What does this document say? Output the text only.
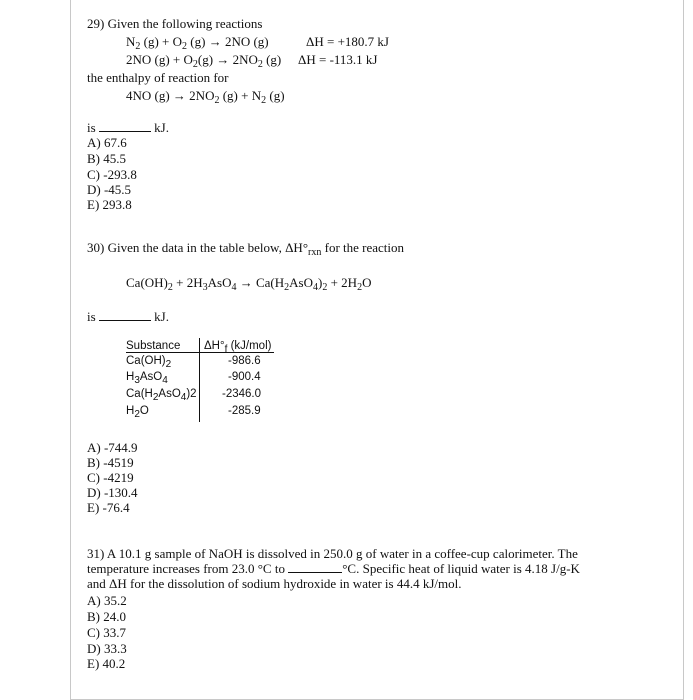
29) Given the following reactions
$N_2$ $(g) + O_2$ (g) → 2NO (g)	ΔH = +180.7 kJ
2NO $(g) + O_2(g) \to 2NO_2$ (g) ΔH = -113.1 kJ
the enthalpy of reaction for
4NO $(g) \to 2NO_2$ $(g) + N_2$ (g)
is	kJ.
A) 67.6
B) 45.5
C) -293.8
D) -45.5
E) 293.8
30) Given the data in the table below, $\Delta H^\circ_{rxn}$ for the reaction
$Ca(OH)_2 + 2H_3AsO_4 \to Ca(H_2AsO_4)_2 + 2H_2O$
is	kJ.
Substance $\Delta H^\circ_f$ (kJ/mol)
$Ca(OH)_2$	-986.6
$H_3AsO_4$	-900.4
$Ca(H_2AsO_4)2$ -2346.0
$H_2O$	-285.9
A) -744.9
B) -4519
C) -4219
D) -130.4
E) -76.4
31) A 10.1 g sample of NaOH is dissolved in 250.0 g of water in a coffee-cup calorimeter. The
temperature increases from 23.0 °C to	°C. Specific heat of liquid water is 4.18 J/g-K
and ΔH for the dissolution of sodium hydroxide in water is 44.4 kJ/mol.
A) 35.2
B) 24.0
C) 33.7
D) 33.3
E) 40.2
